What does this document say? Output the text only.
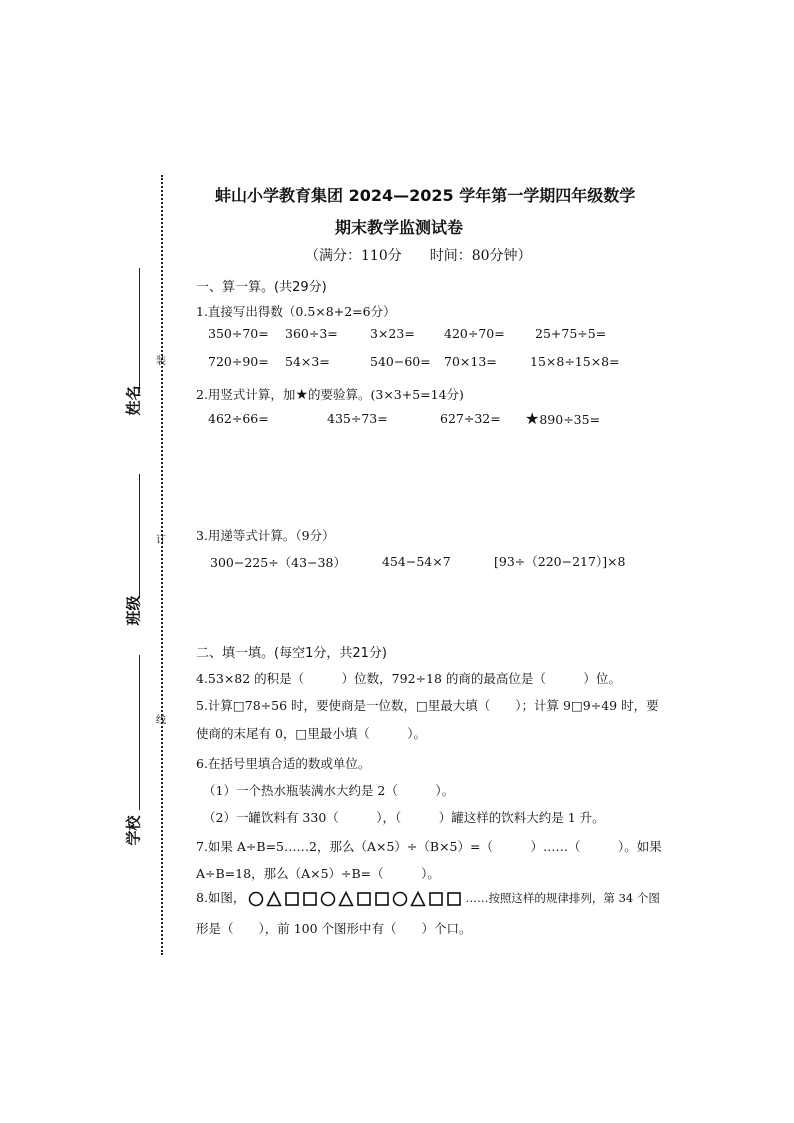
装
订
线
姓名
班级
学校
蚌山小学教育集团 2024—2025 学年第一学期四年级数学
期末教学监测试卷
（满分：110分　　时间：80分钟）
一、算一算。(共29分)
1.直接写出得数（0.5×8+2=6分）
350÷70= 360÷3=	3×23= 420÷70= 25+75÷5=
720÷90= 54×3=	540−60= 70×13=	15×8÷15×8=
2.用竖式计算，加★的要验算。(3×3+5=14分)
462÷66=	435÷73=	627÷32= ★890÷35=
3.用递等式计算。（9分）
300−225÷（43−38）	454−54×7	[93÷（220−217）]×8
二、填一填。(每空1分，共21分)
4.53×82 的积是（　　　）位数，792÷18 的商的最高位是（　　　）位。
5.计算□78÷56 时，要使商是一位数，□里最大填（　　）；计算 9□9÷49 时，要
使商的末尾有 0，□里最小填（　　　）。
6.在括号里填合适的数或单位。
（1）一个热水瓶装满水大约是 2（　　　）。
（2）一罐饮料有 330（　　　），（　　　）罐这样的饮料大约是 1 升。
7.如果 A÷B=5……2，那么（A×5）÷（B×5）=（　　　）……（　　　）。如果
A÷B=18，那么（A×5）÷B=（　　　）。
8.如图，	……按照这样的规律排列，第 34 个图
形是（　　），前 100 个图形中有（　　）个口。
